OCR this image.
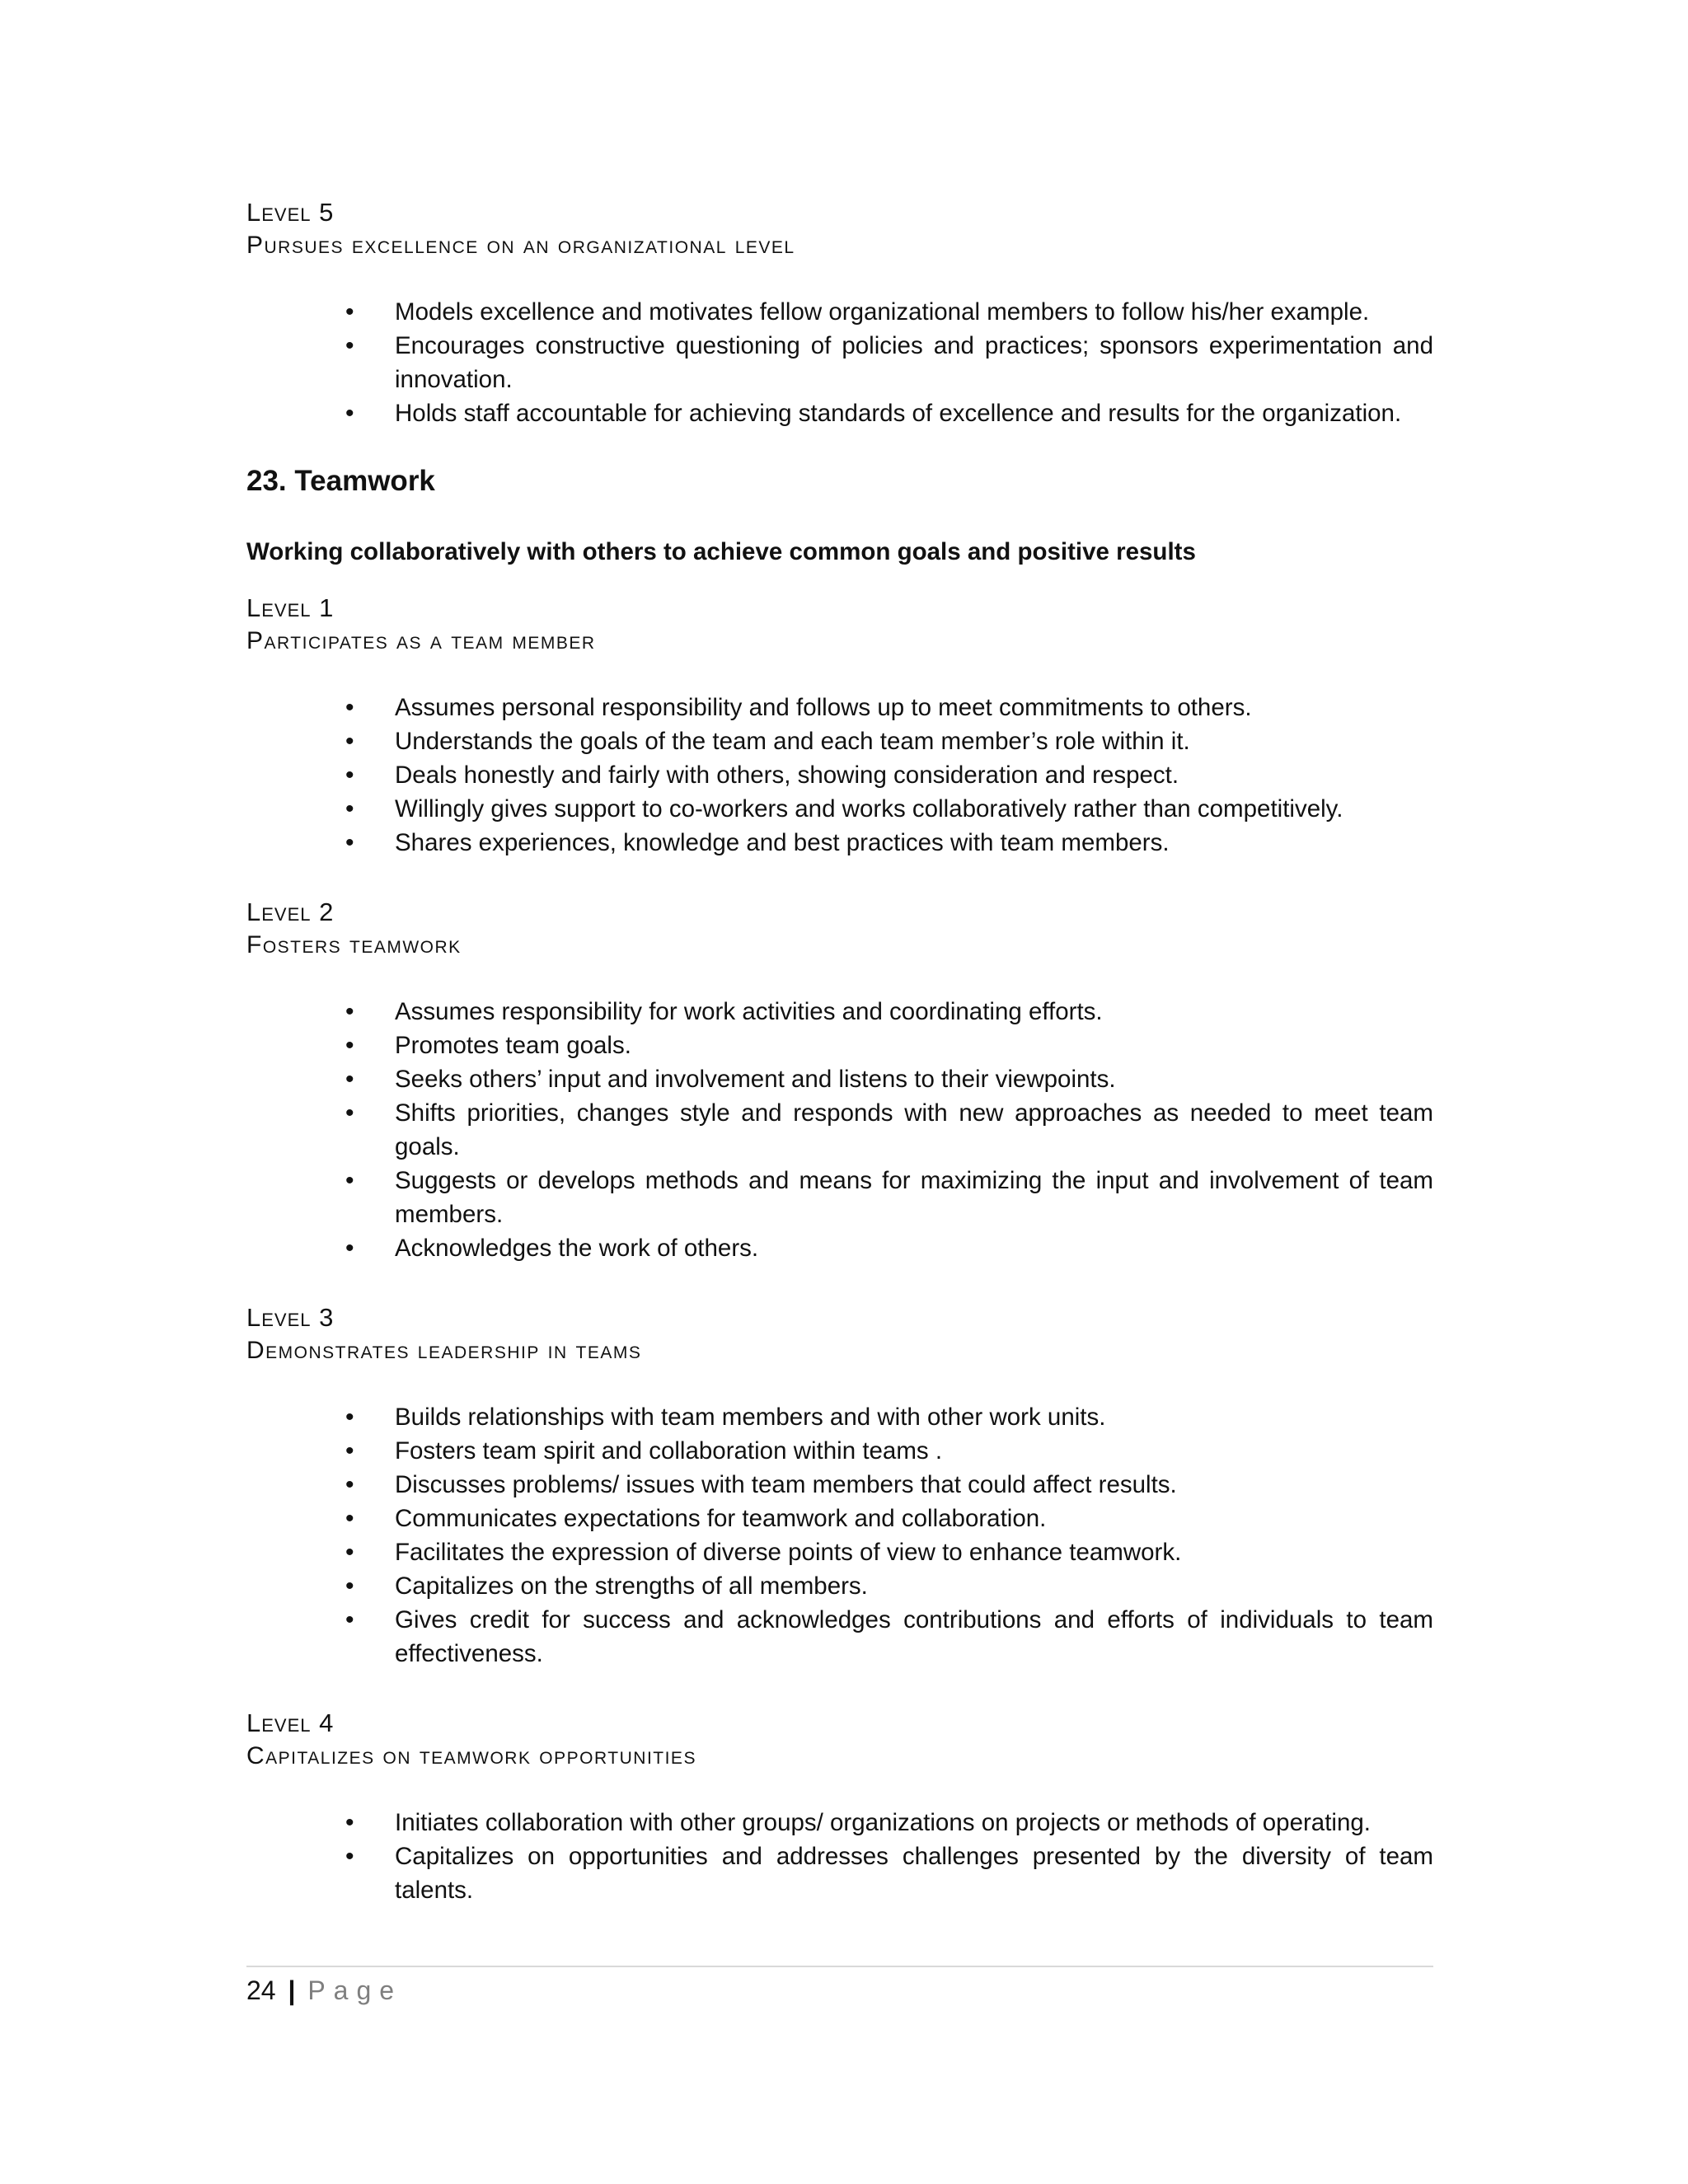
Level 5
Pursues excellence on an organizational level
• Models excellence and motivates fellow organizational members to follow his/her example.
• Encourages constructive questioning of policies and practices; sponsors experimentation and innovation.
• Holds staff accountable for achieving standards of excellence and results for the organization.
23. Teamwork

Working collaboratively with others to achieve common goals and positive results

Level 1
Participates as a team member
• Assumes personal responsibility and follows up to meet commitments to others.
• Understands the goals of the team and each team member’s role within it.
• Deals honestly and fairly with others, showing consideration and respect.
• Willingly gives support to co-workers and works collaboratively rather than competitively.
• Shares experiences, knowledge and best practices with team members.
Level 2
Fosters teamwork
• Assumes responsibility for work activities and coordinating efforts.
• Promotes team goals.
• Seeks others’ input and involvement and listens to their viewpoints.
• Shifts priorities, changes style and responds with new approaches as needed to meet team goals.
• Suggests or develops methods and means for maximizing the input and involvement of team members.
• Acknowledges the work of others.
Level 3
Demonstrates leadership in teams
• Builds relationships with team members and with other work units.
• Fosters team spirit and collaboration within teams .
• Discusses problems/ issues with team members that could affect results.
• Communicates expectations for teamwork and collaboration.
• Facilitates the expression of diverse points of view to enhance teamwork.
• Capitalizes on the strengths of all members.
• Gives credit for success and acknowledges contributions and efforts of individuals to team effectiveness.
Level 4
Capitalizes on teamwork opportunities
• Initiates collaboration with other groups/ organizations on projects or methods of operating.
• Capitalizes on opportunities and addresses challenges presented by the diversity of team talents.
24 | Page
